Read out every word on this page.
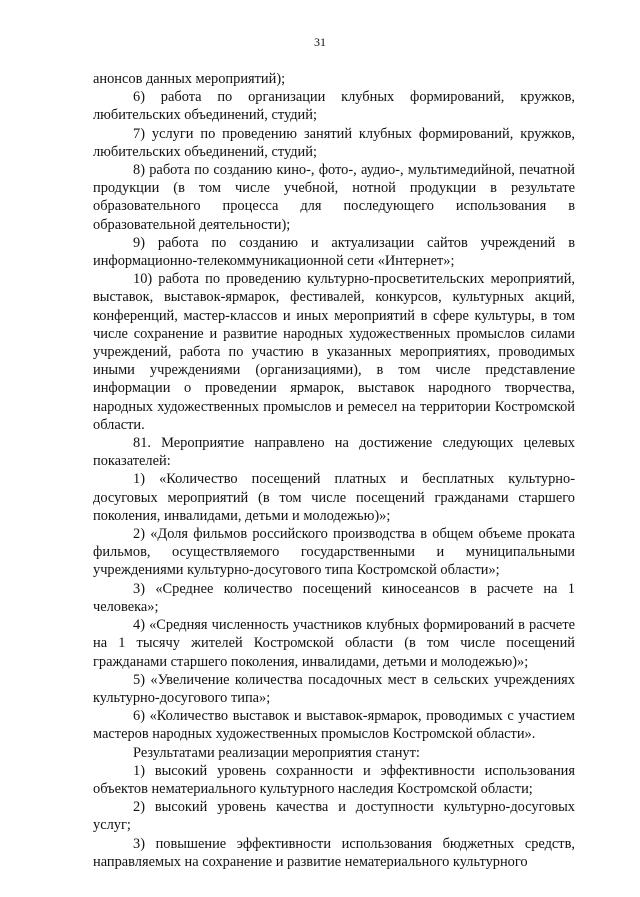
31

анонсов данных мероприятий);

6) работа по организации клубных формирований, кружков, любительских объединений, студий;

7) услуги по проведению занятий клубных формирований, кружков, любительских объединений, студий;

8) работа по созданию кино-, фото-, аудио-, мультимедийной, печатной продукции (в том числе учебной, нотной продукции в результате образовательного процесса для последующего использования в образовательной деятельности);

9) работа по созданию и актуализации сайтов учреждений в информационно-телекоммуникационной сети «Интернет»;

10) работа по проведению культурно-просветительских мероприятий, выставок, выставок-ярмарок, фестивалей, конкурсов, культурных акций, конференций, мастер-классов и иных мероприятий в сфере культуры, в том числе сохранение и развитие народных художественных промыслов силами учреждений, работа по участию в указанных мероприятиях, проводимых иными учреждениями (организациями), в том числе представление информации о проведении ярмарок, выставок народного творчества, народных художественных промыслов и ремесел на территории Костромской области.

81. Мероприятие направлено на достижение следующих целевых показателей:

1) «Количество посещений платных и бесплатных культурно-досуговых мероприятий (в том числе посещений гражданами старшего поколения, инвалидами, детьми и молодежью)»;

2) «Доля фильмов российского производства в общем объеме проката фильмов, осуществляемого государственными и муниципальными учреждениями культурно-досугового типа Костромской области»;

3) «Среднее количество посещений киносеансов в расчете на 1 человека»;

4) «Средняя численность участников клубных формирований в расчете на 1 тысячу жителей Костромской области (в том числе посещений гражданами старшего поколения, инвалидами, детьми и молодежью)»;

5) «Увеличение количества посадочных мест в сельских учреждениях культурно-досугового типа»;

6) «Количество выставок и выставок-ярмарок, проводимых с участием мастеров народных художественных промыслов Костромской области».

Результатами реализации мероприятия станут:

1) высокий уровень сохранности и эффективности использования объектов нематериального культурного наследия Костромской области;

2) высокий уровень качества и доступности культурно-досуговых услуг;

3) повышение эффективности использования бюджетных средств, направляемых на сохранение и развитие нематериального культурного
